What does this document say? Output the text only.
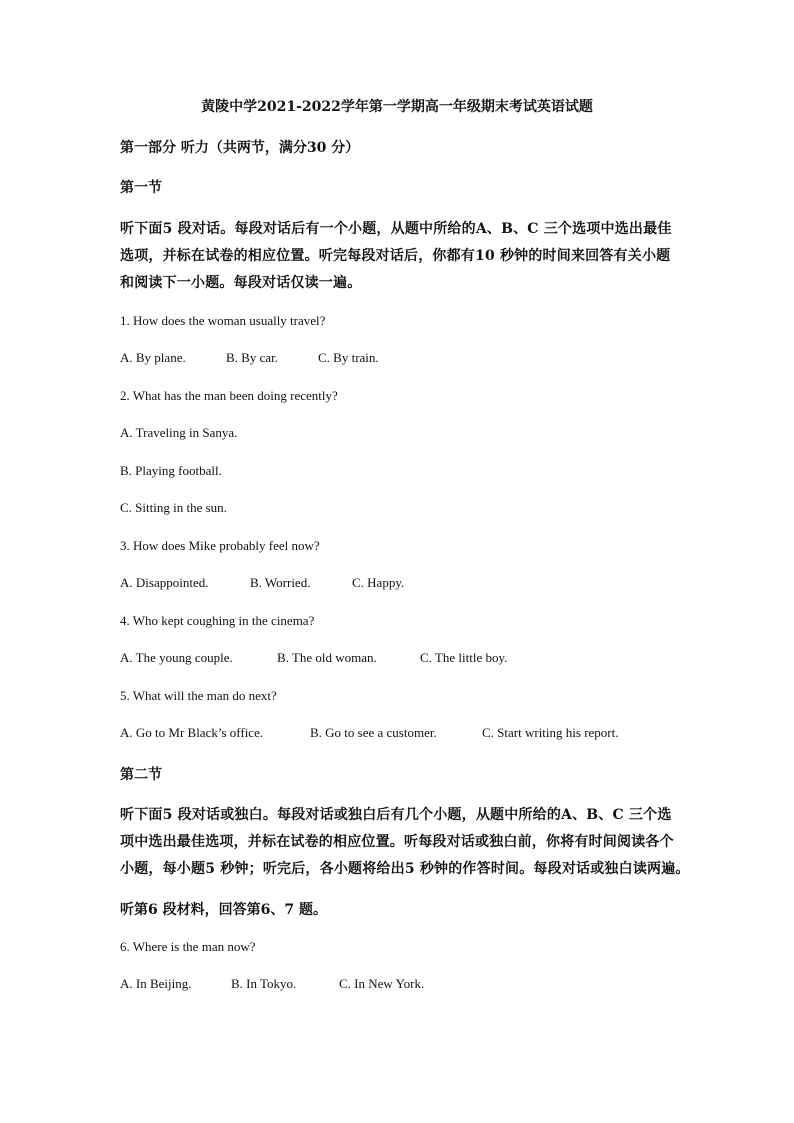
黄陵中学2021-2022学年第一学期高一年级期末考试英语试题
第一部分 听力（共两节，满分30 分）
第一节
听下面5 段对话。每段对话后有一个小题，从题中所给的A、B、C 三个选项中选出最佳
选项，并标在试卷的相应位置。听完每段对话后，你都有10 秒钟的时间来回答有关小题
和阅读下一小题。每段对话仅读一遍。
1. How does the woman usually travel?
A. By plane.	B. By car.	C. By train.
2. What has the man been doing recently?
A. Traveling in Sanya.
B. Playing football.
C. Sitting in the sun.
3. How does Mike probably feel now?
A. Disappointed.	B. Worried.	C. Happy.
4. Who kept coughing in the cinema?
A. The young couple.	B. The old woman.	C. The little boy.
5. What will the man do next?
A. Go to Mr Black’s office.	B. Go to see a customer.	C. Start writing his report.
第二节
听下面5 段对话或独白。每段对话或独白后有几个小题，从题中所给的A、B、C 三个选
项中选出最佳选项，并标在试卷的相应位置。听每段对话或独白前，你将有时间阅读各个
小题，每小题5 秒钟；听完后，各小题将给出5 秒钟的作答时间。每段对话或独白读两遍。
听第6 段材料，回答第6、7 题。
6. Where is the man now?
A. In Beijing.	B. In Tokyo.	C. In New York.
